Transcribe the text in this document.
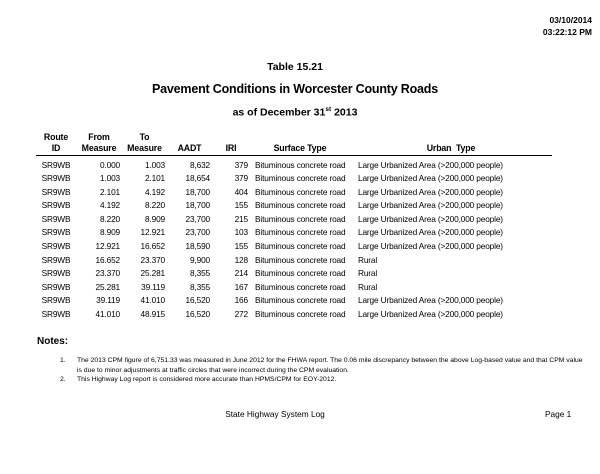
03/10/2014
03:22:12 PM
Table 15.21
Pavement Conditions in Worcester County Roads
as of December 31st 2013
Route	From	To				
ID	Measure	Measure	AADT	IRI	Surface Type	Urban  Type
SR9WB	0.000	1.003	8,632	379	Bituminous concrete road	Large Urbanized Area (>200,000 people)
SR9WB	1.003	2.101	18,654	379	Bituminous concrete road	Large Urbanized Area (>200,000 people)
SR9WB	2.101	4.192	18,700	404	Bituminous concrete road	Large Urbanized Area (>200,000 people)
SR9WB	4.192	8.220	18,700	155	Bituminous concrete road	Large Urbanized Area (>200,000 people)
SR9WB	8.220	8.909	23,700	215	Bituminous concrete road	Large Urbanized Area (>200,000 people)
SR9WB	8.909	12.921	23,700	103	Bituminous concrete road	Large Urbanized Area (>200,000 people)
SR9WB	12.921	16.652	18,590	155	Bituminous concrete road	Large Urbanized Area (>200,000 people)
SR9WB	16.652	23.370	9,900	128	Bituminous concrete road	Rural
SR9WB	23.370	25.281	8,355	214	Bituminous concrete road	Rural
SR9WB	25.281	39.119	8,355	167	Bituminous concrete road	Rural
SR9WB	39.119	41.010	16,520	166	Bituminous concrete road	Large Urbanized Area (>200,000 people)
SR9WB	41.010	48.915	16,520	272	Bituminous concrete road	Large Urbanized Area (>200,000 people)
Notes:
1.	The 2013 CPM figure of 6,751.33 was measured in June 2012 for the FHWA report. The 0.06 mile discrepancy between the above Log-based value and that CPM value is due to minor adjustments at traffic circles that were incorrect during the CPM evaluation.
2.	This Highway Log report is considered more accurate than HPMS/CPM for EOY-2012.
State Highway System Log	Page 1
